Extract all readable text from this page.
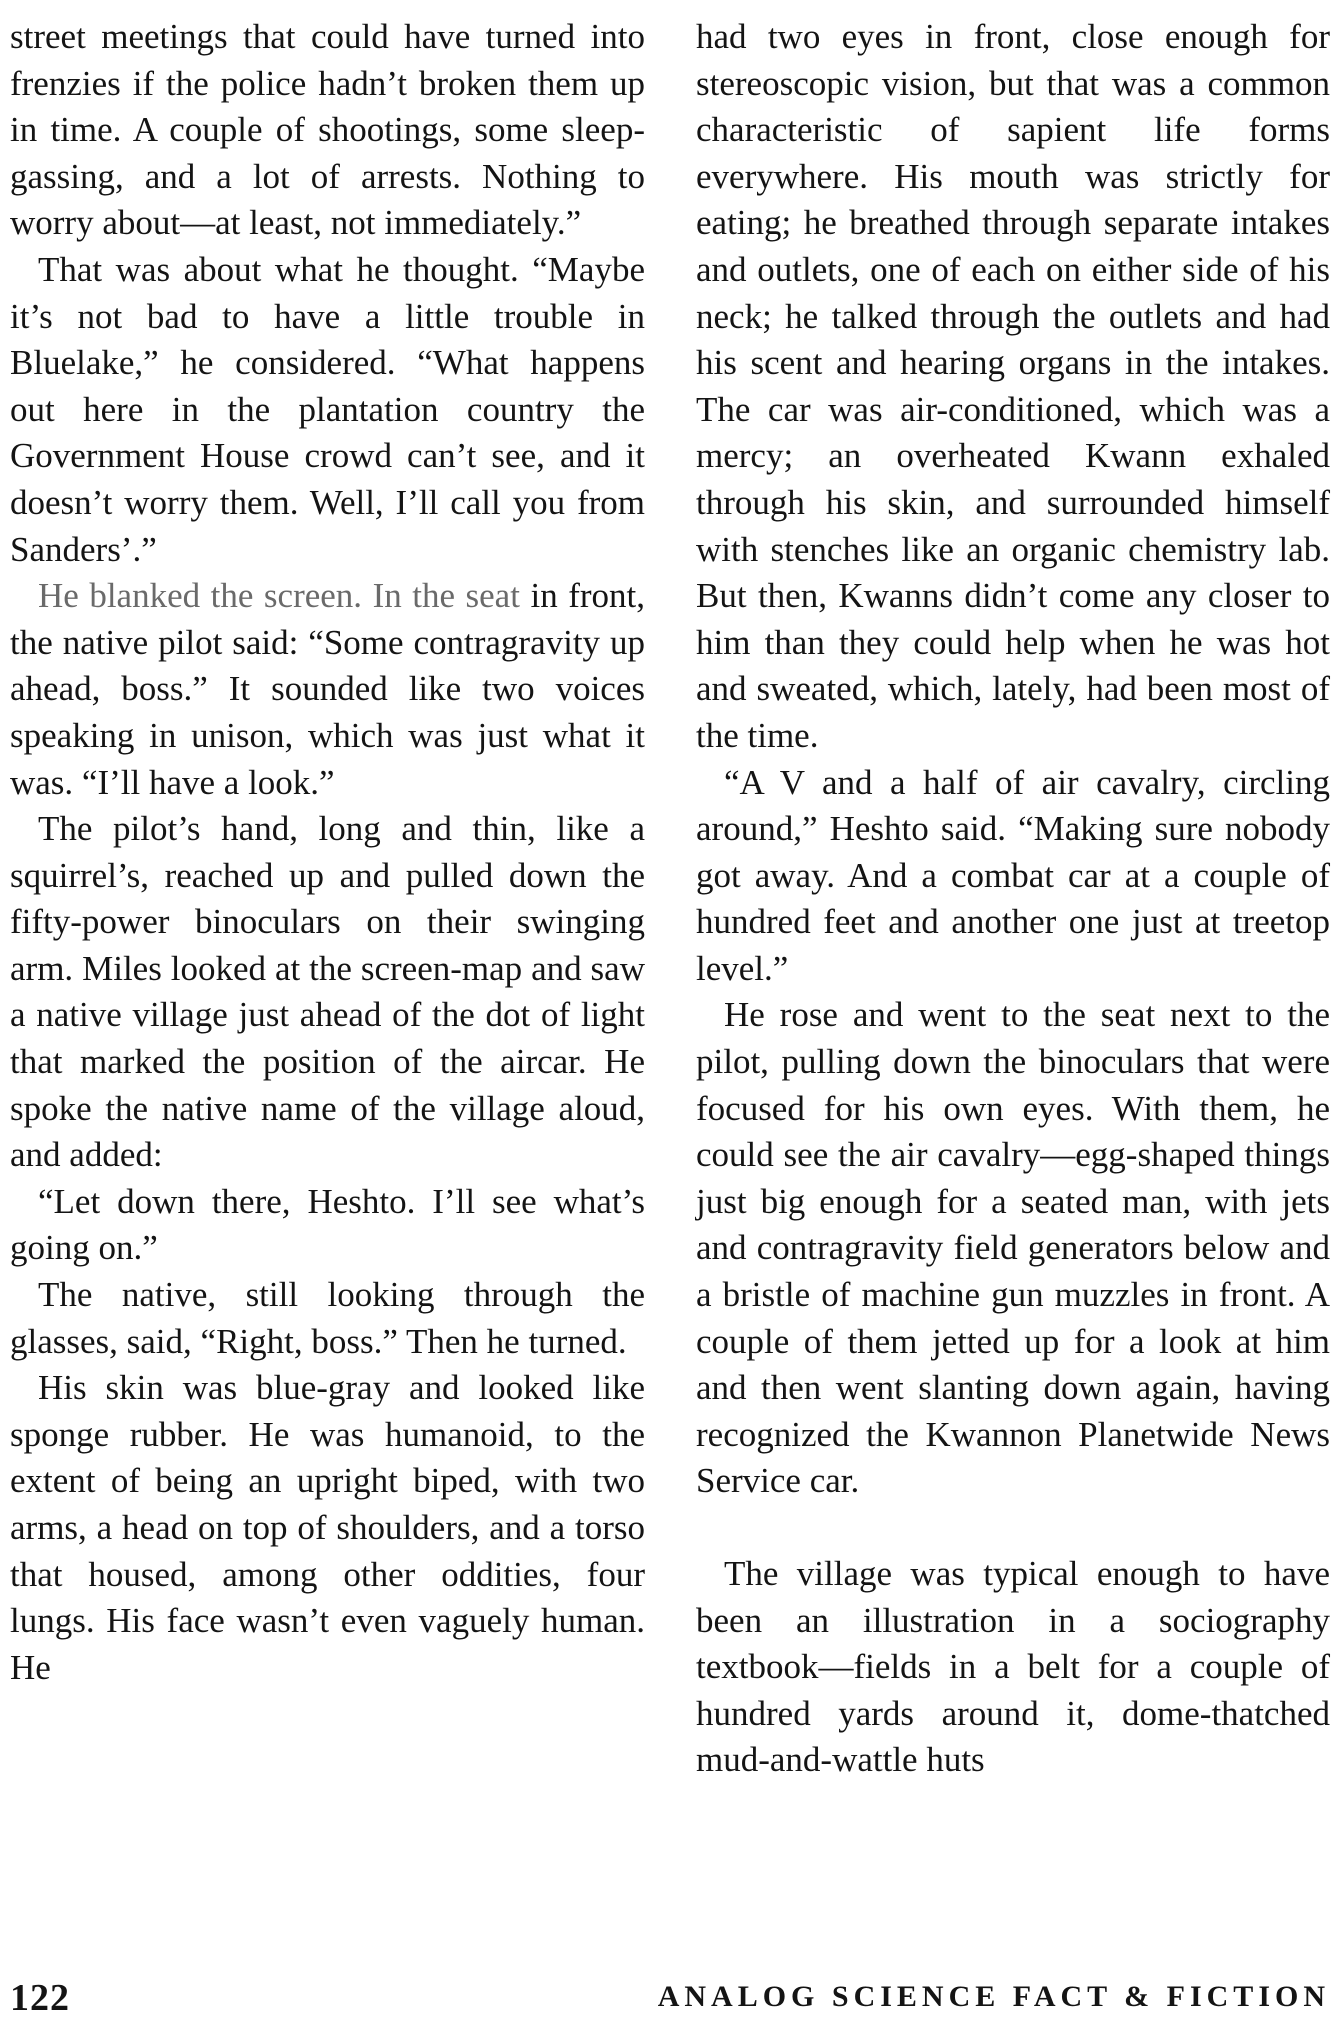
street meetings that could have turned into frenzies if the police hadn’t broken them up in time. A couple of shootings, some sleep-gassing, and a lot of arrests. Nothing to worry about—at least, not immediately.”

That was about what he thought. “Maybe it’s not bad to have a little trouble in Bluelake,” he considered. “What happens out here in the plantation country the Government House crowd can’t see, and it doesn’t worry them. Well, I’ll call you from Sanders’.”

He blanked the screen. In the seat in front, the native pilot said: “Some contragravity up ahead, boss.” It sounded like two voices speaking in unison, which was just what it was. “I’ll have a look.”

The pilot’s hand, long and thin, like a squirrel’s, reached up and pulled down the fifty-power binoculars on their swinging arm. Miles looked at the screen-map and saw a native village just ahead of the dot of light that marked the position of the aircar. He spoke the native name of the village aloud, and added:

“Let down there, Heshto. I’ll see what’s going on.”

The native, still looking through the glasses, said, “Right, boss.” Then he turned.

His skin was blue-gray and looked like sponge rubber. He was humanoid, to the extent of being an upright biped, with two arms, a head on top of shoulders, and a torso that housed, among other oddities, four lungs. His face wasn’t even vaguely human. He

had two eyes in front, close enough for stereoscopic vision, but that was a common characteristic of sapient life forms everywhere. His mouth was strictly for eating; he breathed through separate intakes and outlets, one of each on either side of his neck; he talked through the outlets and had his scent and hearing organs in the intakes. The car was air-conditioned, which was a mercy; an overheated Kwann exhaled through his skin, and surrounded himself with stenches like an organic chemistry lab. But then, Kwanns didn’t come any closer to him than they could help when he was hot and sweated, which, lately, had been most of the time.

“A V and a half of air cavalry, circling around,” Heshto said. “Making sure nobody got away. And a combat car at a couple of hundred feet and another one just at treetop level.”

He rose and went to the seat next to the pilot, pulling down the binoculars that were focused for his own eyes. With them, he could see the air cavalry—egg-shaped things just big enough for a seated man, with jets and contragravity field generators below and a bristle of machine gun muzzles in front. A couple of them jetted up for a look at him and then went slanting down again, having recognized the Kwannon Planetwide News Service car.

The village was typical enough to have been an illustration in a sociography textbook—fields in a belt for a couple of hundred yards around it, dome-thatched mud-and-wattle huts

122	ANALOG SCIENCE FACT & FICTION
